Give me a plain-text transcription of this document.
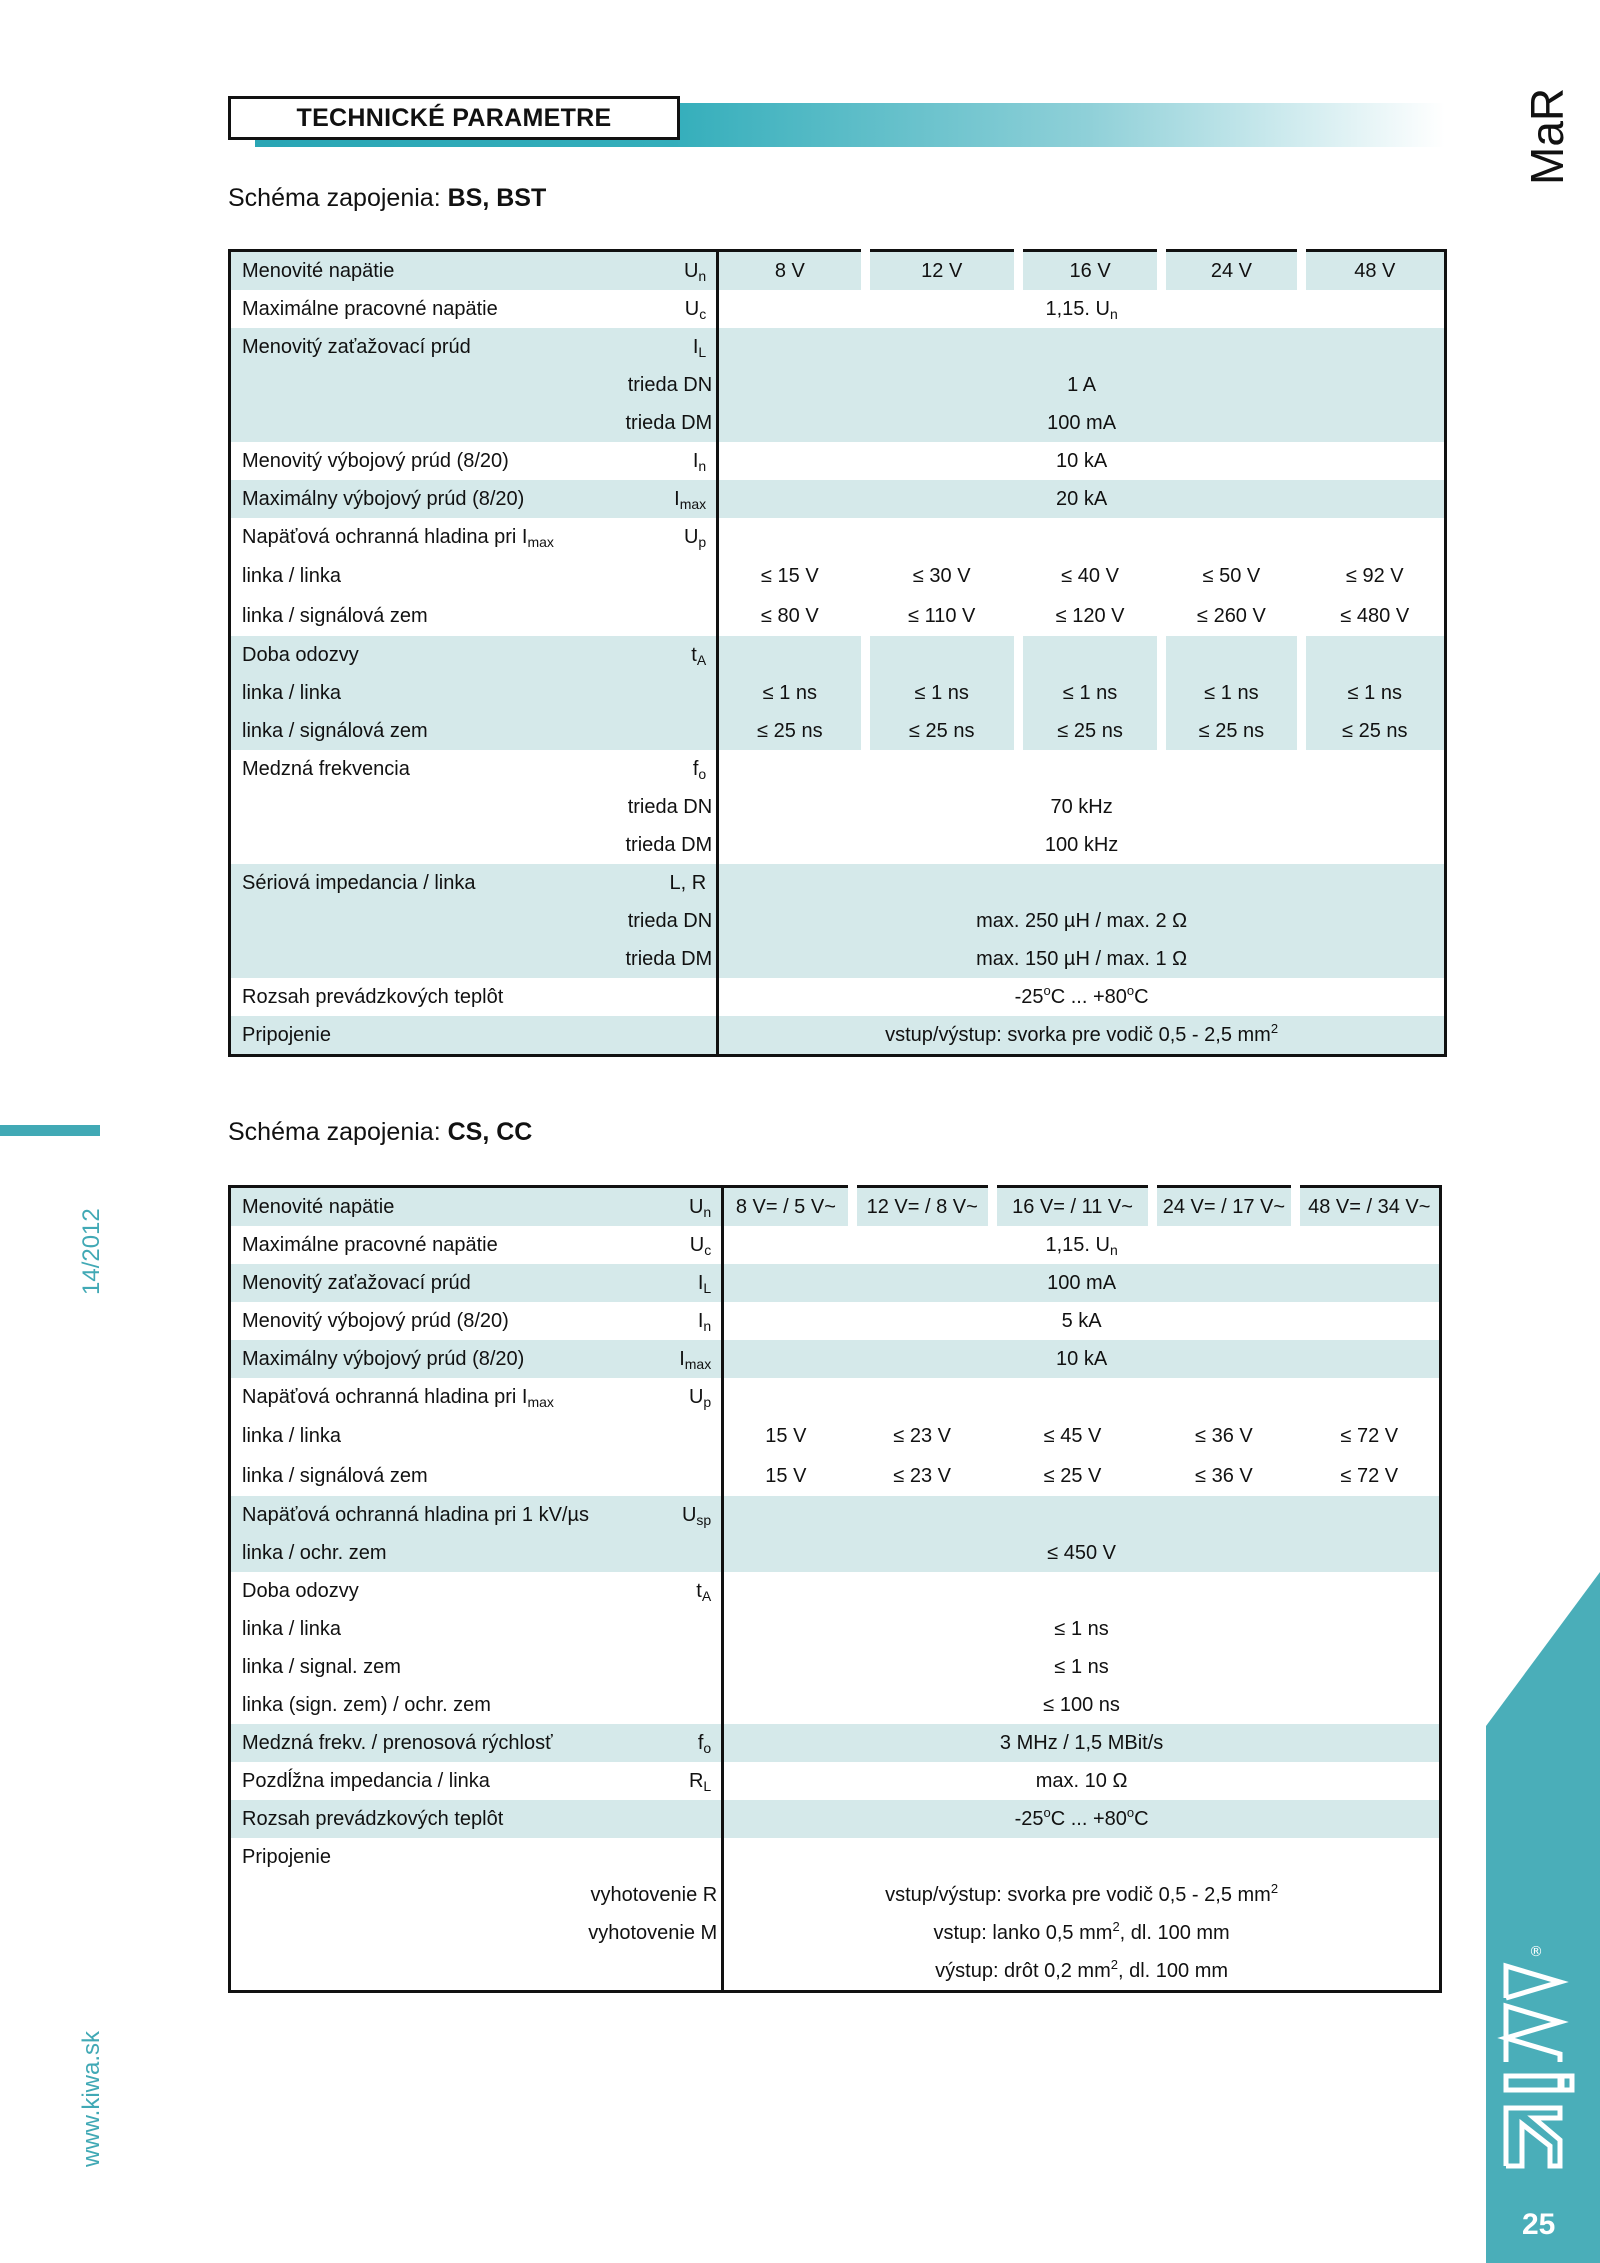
TECHNICKÉ PARAMETRE	MaR
Schéma zapojenia: BS, BST
Menovité napätie	$U_n$	8 V	12 V	16 V	24 V	48 V
Maximálne pracovné napätie	$U_c$	1,15. $U_n$
Menovitý zaťažovací prúd	$I_L$	
trieda DN		1 A				
trieda DM		100 mA				
Menovitý výbojový prúd (8/20)	$I_n$	10 kA				
Maximálny výbojový prúd (8/20)	$I_{max}$	20 kA				
Napäťová ochranná hladina pri $I_{max}$	$U_p$	
linka / linka		≤ 15 V	≤ 30 V	≤ 40 V	≤ 50 V	≤ 92 V
linka / signálová zem		≤ 80 V	≤ 110 V	≤ 120 V	≤ 260 V	≤ 480 V
Doba odozvy	$t_A$					
linka / linka		≤ 1 ns	≤ 1 ns	≤ 1 ns	≤ 1 ns	≤ 1 ns
linka / signálová zem		≤ 25 ns	≤ 25 ns	≤ 25 ns	≤ 25 ns	≤ 25 ns
Medzná frekvencia	$f_o$	
trieda DN		70 kHz				
trieda DM		100 kHz				
Sériová impedancia / linka	L, R					
trieda DN		max. 250 µH / max. 2 Ω				
trieda DM		max. 150 µH / max. 1 Ω				
Rozsah prevádzkových teplôt		-25$^o$C ... $+80^oC$				
Pripojenie		vstup/výstup: svorka pre vodič 0,5 - 2,5 $mm^2$
Schéma zapojenia: CS, CC
Menovité napätie	$U_n$	8 V= / 5 V~	12 V= / 8 V~	16 V= / 11 V~	24 V= / 17 V~	48 V= / 34 V~
Maximálne pracovné napätie	$U_c$	1,15. $U_n$
Menovitý zaťažovací prúd	$I_L$	100 mA				
Menovitý výbojový prúd (8/20)	$I_n$	5 kA				
Maximálny výbojový prúd (8/20)	$I_{max}$	10 kA				
Napäťová ochranná hladina pri $I_{max}$	$U_p$	
linka / linka		15 V	≤ 23 V	≤ 45 V	≤ 36 V	≤ 72 V
linka / signálová zem		15 V	≤ 23 V	≤ 25 V	≤ 36 V	≤ 72 V
Napäťová ochranná hladina pri 1 kV/µs	$U_{sp}$	
linka / ochr. zem		≤ 450 V				
Doba odozvy	$t_A$	
linka / linka		≤ 1 ns				
linka / signal. zem		≤ 1 ns				
linka (sign. zem) / ochr. zem		≤ 100 ns				
Medzná frekv. / prenosová rýchlosť	$f_o$	3 MHz / 1,5 MBit/s				
Pozdĺžna impedancia / linka	$R_L$	max. 10 Ω				
Rozsah prevádzkových teplôt		-25$^o$C ... $+80^oC$				
Pripojenie						
vyhotovenie R		vstup/výstup: svorka pre vodič 0,5 - 2,5 $mm^2$
vyhotovenie M		vstup: lanko 0,5 $mm^2$, dl. 100 mm				
		výstup: drôt 0,2 $mm^2$, dl. 100 mm				
14/2012
www.kiwa.sk
®
25
